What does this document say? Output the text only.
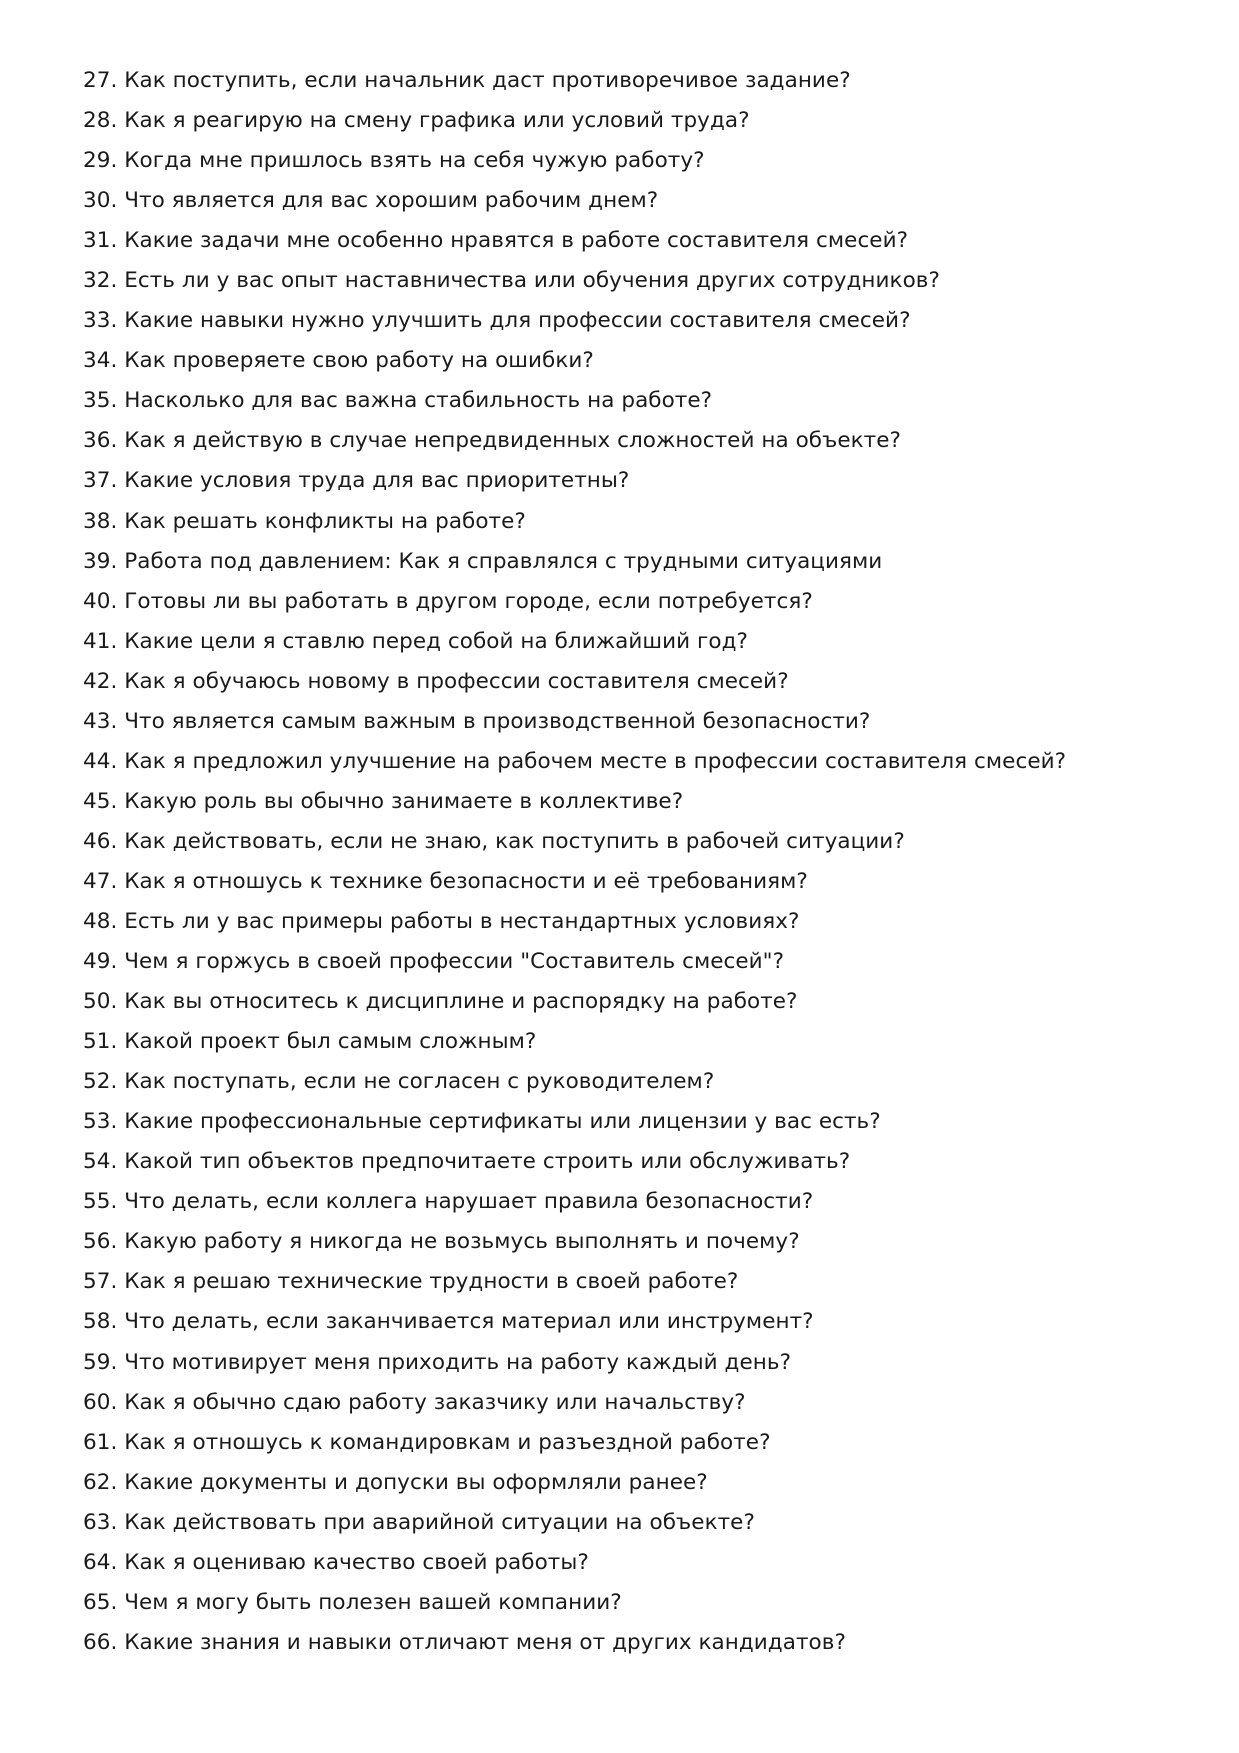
27. Как поступить, если начальник даст противоречивое задание?
28. Как я реагирую на смену графика или условий труда?
29. Когда мне пришлось взять на себя чужую работу?
30. Что является для вас хорошим рабочим днем?
31. Какие задачи мне особенно нравятся в работе составителя смесей?
32. Есть ли у вас опыт наставничества или обучения других сотрудников?
33. Какие навыки нужно улучшить для профессии составителя смесей?
34. Как проверяете свою работу на ошибки?
35. Насколько для вас важна стабильность на работе?
36. Как я действую в случае непредвиденных сложностей на объекте?
37. Какие условия труда для вас приоритетны?
38. Как решать конфликты на работе?
39. Работа под давлением: Как я справлялся с трудными ситуациями
40. Готовы ли вы работать в другом городе, если потребуется?
41. Какие цели я ставлю перед собой на ближайший год?
42. Как я обучаюсь новому в профессии составителя смесей?
43. Что является самым важным в производственной безопасности?
44. Как я предложил улучшение на рабочем месте в профессии составителя смесей?
45. Какую роль вы обычно занимаете в коллективе?
46. Как действовать, если не знаю, как поступить в рабочей ситуации?
47. Как я отношусь к технике безопасности и её требованиям?
48. Есть ли у вас примеры работы в нестандартных условиях?
49. Чем я горжусь в своей профессии "Составитель смесей"?
50. Как вы относитесь к дисциплине и распорядку на работе?
51. Какой проект был самым сложным?
52. Как поступать, если не согласен с руководителем?
53. Какие профессиональные сертификаты или лицензии у вас есть?
54. Какой тип объектов предпочитаете строить или обслуживать?
55. Что делать, если коллега нарушает правила безопасности?
56. Какую работу я никогда не возьмусь выполнять и почему?
57. Как я решаю технические трудности в своей работе?
58. Что делать, если заканчивается материал или инструмент?
59. Что мотивирует меня приходить на работу каждый день?
60. Как я обычно сдаю работу заказчику или начальству?
61. Как я отношусь к командировкам и разъездной работе?
62. Какие документы и допуски вы оформляли ранее?
63. Как действовать при аварийной ситуации на объекте?
64. Как я оцениваю качество своей работы?
65. Чем я могу быть полезен вашей компании?
66. Какие знания и навыки отличают меня от других кандидатов?
